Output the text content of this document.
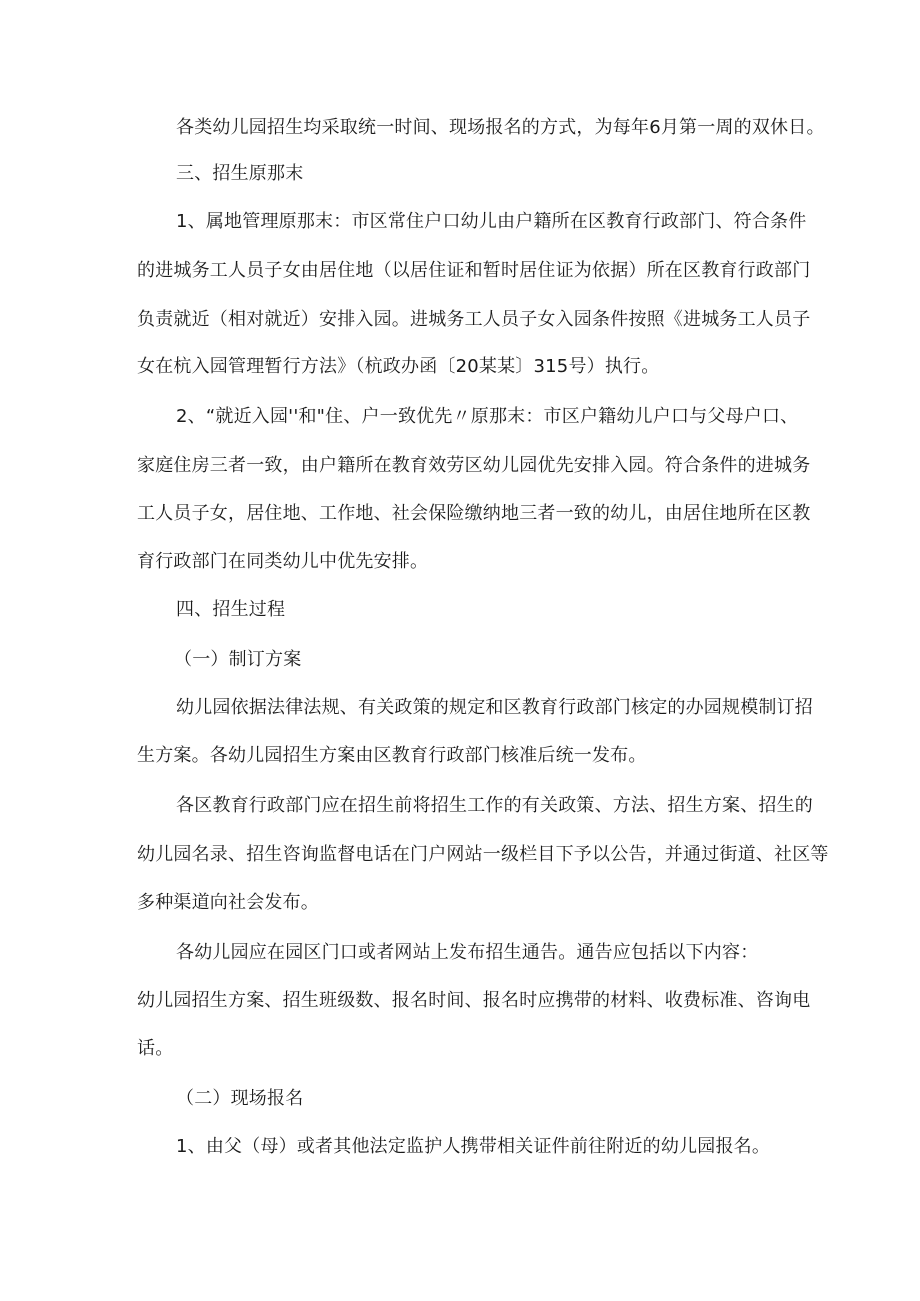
各类幼儿园招生均采取统一时间、现场报名的方式，为每年6月第一周的双休日。
三、招生原那末
1、属地管理原那末：市区常住户口幼儿由户籍所在区教育行政部门、符合条件
的进城务工人员子女由居住地（以居住证和暂时居住证为依据）所在区教育行政部门
负责就近（相对就近）安排入园。进城务工人员子女入园条件按照《进城务工人员子
女在杭入园管理暂行方法》（杭政办函〔20某某〕315号）执行。
2、“就近入园''和"住、户一致优先〃原那末：市区户籍幼儿户口与父母户口、
家庭住房三者一致，由户籍所在教育效劳区幼儿园优先安排入园。符合条件的进城务
工人员子女，居住地、工作地、社会保险缴纳地三者一致的幼儿，由居住地所在区教
育行政部门在同类幼儿中优先安排。
四、招生过程
（一）制订方案
幼儿园依据法律法规、有关政策的规定和区教育行政部门核定的办园规模制订招
生方案。各幼儿园招生方案由区教育行政部门核准后统一发布。
各区教育行政部门应在招生前将招生工作的有关政策、方法、招生方案、招生的
幼儿园名录、招生咨询监督电话在门户网站一级栏目下予以公告，并通过街道、社区等
多种渠道向社会发布。
各幼儿园应在园区门口或者网站上发布招生通告。通告应包括以下内容：
幼儿园招生方案、招生班级数、报名时间、报名时应携带的材料、收费标准、咨询电
话。
（二）现场报名
1、由父（母）或者其他法定监护人携带相关证件前往附近的幼儿园报名。
